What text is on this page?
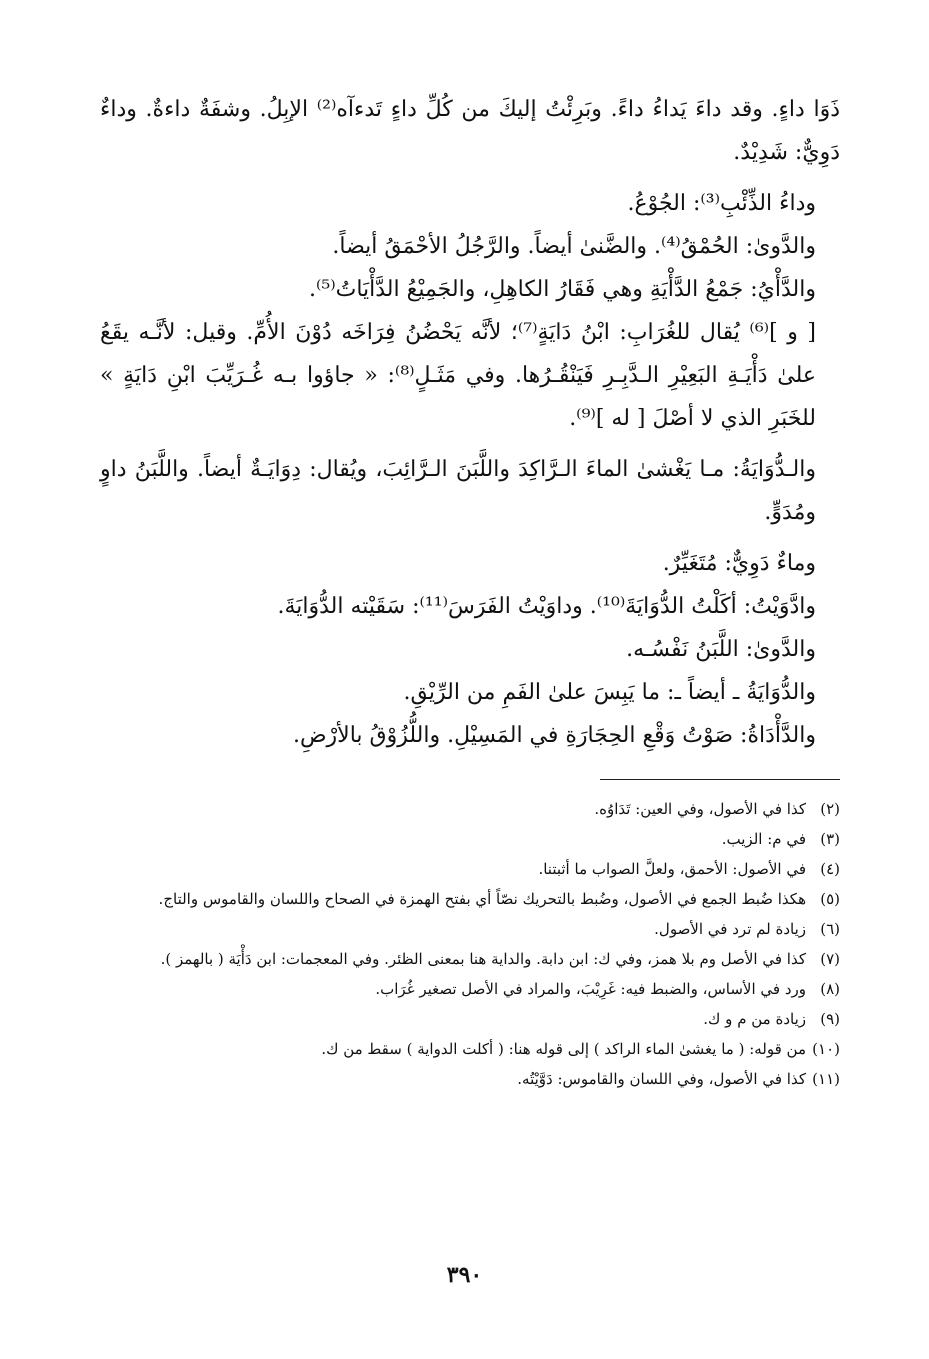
ذَوَا داءٍ. وقد داءَ يَداءُ داءً. وبَرِئْتُ إليكَ من كُلِّ داءٍ تَدءآه⁽²⁾ الإبِلُ. وشفَةٌ داءةٌ. وداءٌ دَوِيٌّ: شَدِيْدٌ.

وداءُ الذِّئْبِ⁽³⁾: الجُوْعُ.

والدَّوىٰ: الحُمْقُ⁽⁴⁾. والضَّنىٰ أيضاً. والرَّجُلُ الأحْمَقُ أيضاً.

والدَّأْيُ: جَمْعُ الدَّأْيَةِ وهي فَقَارُ الكاهِلِ، والجَمِيْعُ الدَّأْيَاتُ⁽⁵⁾.

[ و ]⁽⁶⁾ يُقال للغُرَابِ: ابْنُ دَايَةٍ⁽⁷⁾؛ لأنَّه يَحْضُنُ فِرَاخَه دُوْنَ الأُمِّ. وقيل: لأنَّـه يقَعُ علىٰ دَأْيَـةِ البَعِيْرِ الـدَّبِـرِ فَيَنْقُـرُها. وفي مَثَـلٍ⁽⁸⁾: « جاؤوا بـه غُـرَيِّبَ ابْنِ دَايَةٍ » للخَبَرِ الذي لا أصْلَ [ له ]⁽⁹⁾.

والـدُّوَايَةُ: مـا يَغْشىٰ الماءَ الـرَّاكِدَ واللَّبَنَ الـرَّائِبَ، ويُقال: دِوَايَـةٌ أيضاً. واللَّبَنُ داوٍ ومُدَوٍّ.

وماءٌ دَوِيٌّ: مُتَغَيِّرٌ.

وادَّوَيْتُ: أكَلْتُ الدُّوَايَةَ⁽¹⁰⁾. وداوَيْتُ الفَرَسَ⁽¹¹⁾: سَقَيْته الدُّوَايَةَ.

والدَّوىٰ: اللَّبَنُ نَفْسُـه.

والدُّوَايَةُ ـ أيضاً ـ: ما يَبِسَ علىٰ الفَمِ من الرِّيْقِ.

والدَّأْدَاةُ: صَوْتُ وَقْعِ الحِجَارَةِ في المَسِيْلِ. واللُّزُوْقُ بالأرْضِ.

(٢)
كذا في الأصول، وفي العين: تَدَاوُه.
(٣)
في م: الزيب.
(٤)
في الأصول: الأحمق، ولعلَّ الصواب ما أثبتنا.
(٥)
هكذا ضُبط الجمع في الأصول، وضُبط بالتحريك نصّاً أي بفتح الهمزة في الصحاح واللسان والقاموس والتاج.
(٦)
زيادة لم ترد في الأصول.
(٧)
كذا في الأصل وم بلا همز، وفي ك: ابن دابة. والداية هنا بمعنى الظئر. وفي المعجمات: ابن دَأْيَة ( بالهمز ).
(٨)
ورد في الأساس، والضبط فيه: غَرِيْبَ، والمراد في الأصل تصغير غُرَاب.
(٩)
زيادة من م و ك.
(١٠)
من قوله: ( ما يغشىٰ الماء الراكد ) إلى قوله هنا: ( أكلت الدواية ) سقط من ك.
(١١)
كذا في الأصول، وفي اللسان والقاموس: دَوَّيْتُه.
٣٩٠
